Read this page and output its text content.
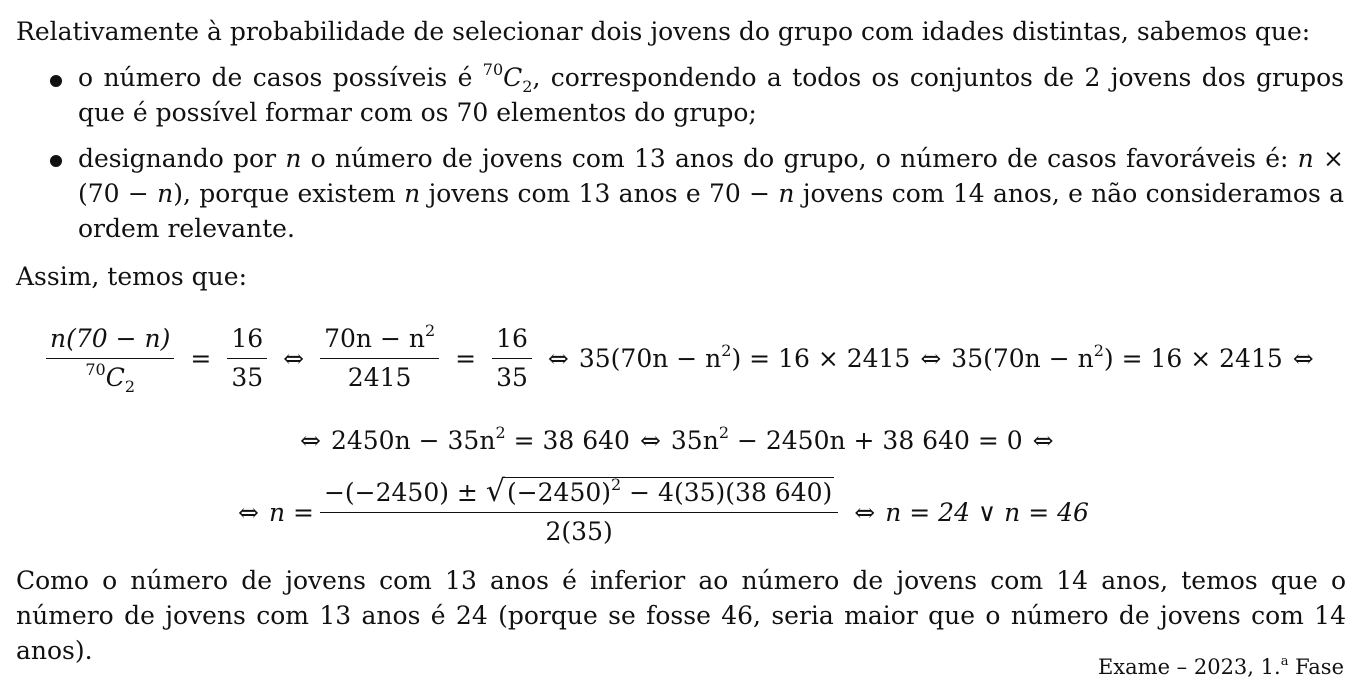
Relativamente à probabilidade de selecionar dois jovens do grupo com idades distintas, sabemos que:

o número de casos possíveis é $^{70}C_2$, correspondendo a todos os conjuntos de 2 jovens dos grupos que é possível formar com os 70 elementos do grupo;
designando por n o número de jovens com 13 anos do grupo, o número de casos favoráveis é: n × (70 − n), porque existem n jovens com 13 anos e 70 − n jovens com 14 anos, e não consideramos a ordem relevante.

Assim, temos que:

$\frac{n(70 - n)}{^{70}C_2} = \frac{16}{35}$ ⇔ $\frac{70n - n^2}{2415} = \frac{16}{35}$ ⇔ $35(70n - n^2) = 16 \times 2415$ ⇔ $35(70n - n^2) = 16 \times 2415$ ⇔
⇔ $2450n - 35n^2 = 38$ 640 ⇔ $35n^2 - 2450n + 38$ 640 = 0 ⇔
⇔ $n = \frac{-(-2450) \pm √ (-2450)^2 - 4(35)(38 640)}{2(35)}$ ⇔ n = 24 ∨ n = 46

Como o número de jovens com 13 anos é inferior ao número de jovens com 14 anos, temos que o número de jovens com 13 anos é 24 (porque se fosse 46, seria maior que o número de jovens com 14 anos).

Exame – 2023, 1.$^a$ Fase
